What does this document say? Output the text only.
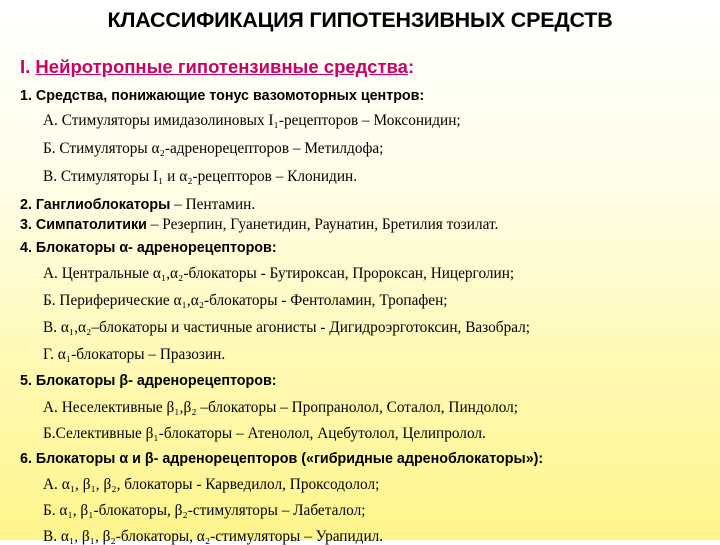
КЛАССИФИКАЦИЯ ГИПОТЕНЗИВНЫХ СРЕДСТВ
I. Нейротропные гипотензивные средства:
1. Средства, понижающие тонус вазомоторных центров:
А. Стимуляторы имидазолиновых I₁-рецепторов – Моксонидин;
Б. Стимуляторы α₂-адренорецепторов – Метилдофа;
В. Стимуляторы I₁ и α₂-рецепторов – Клонидин.
2. Ганглиоблокаторы – Пентамин.
3. Симпатолитики – Резерпин, Гуанетидин, Раунатин, Бретилия тозилат.
4. Блокаторы α- адренорецепторов:
А. Центральные α₁,α₂-блокаторы - Бутироксан, Пророксан, Ницерголин;
Б. Периферические α₁,α₂-блокаторы - Фентоламин, Тропафен;
В. α₁,α₂–блокаторы и частичные агонисты - Дигидроэрготоксин, Вазобрал;
Г. α₁-блокаторы – Празозин.
5. Блокаторы β- адренорецепторов:
А. Неселективные β₁,β₂ –блокаторы – Пропранолол, Соталол, Пиндолол;
Б.Селективные β₁-блокаторы – Атенолол, Ацебутолол, Целипролол.
6. Блокаторы α и β- адренорецепторов («гибридные адреноблокаторы»):
А. α₁, β₁, β₂, блокаторы - Карведилол, Проксодолол;
Б. α₁, β₁-блокаторы, β₂-стимуляторы – Лабеталол;
В. α₁, β₁, β₂-блокаторы, α₂-стимуляторы – Урапидил.
